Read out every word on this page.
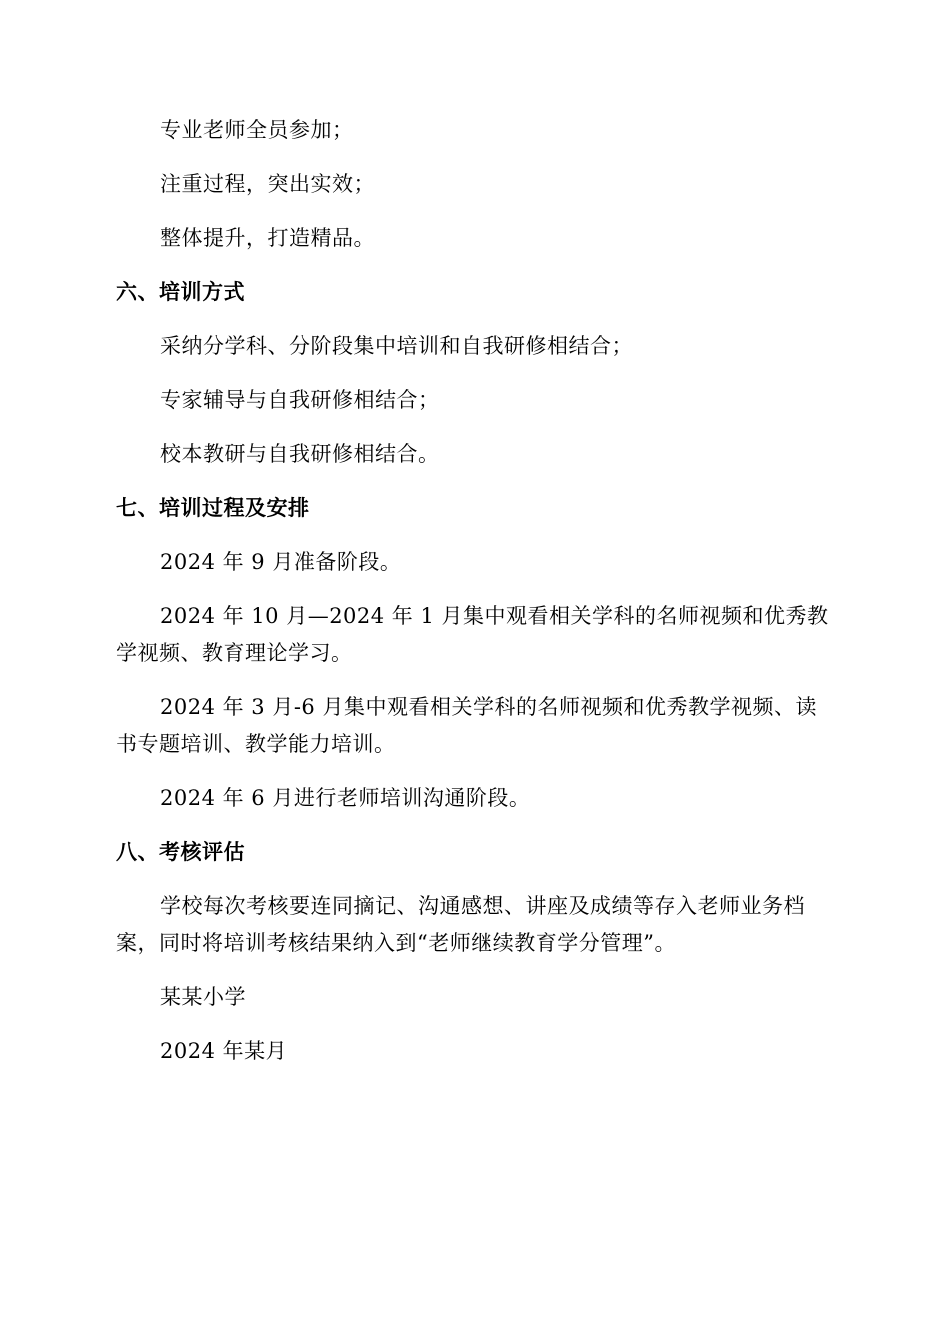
专业老师全员参加；

注重过程，突出实效；

整体提升，打造精品。

六、培训方式

采纳分学科、分阶段集中培训和自我研修相结合；

专家辅导与自我研修相结合；

校本教研与自我研修相结合。

七、培训过程及安排

2024 年 9 月准备阶段。

2024 年 10 月—2024 年 1 月集中观看相关学科的名师视频和优秀教学视频、教育理论学习。

2024 年 3 月-6 月集中观看相关学科的名师视频和优秀教学视频、读书专题培训、教学能力培训。

2024 年 6 月进行老师培训沟通阶段。

八、考核评估

学校每次考核要连同摘记、沟通感想、讲座及成绩等存入老师业务档案，同时将培训考核结果纳入到“老师继续教育学分管理”。

某某小学

2024 年某月
